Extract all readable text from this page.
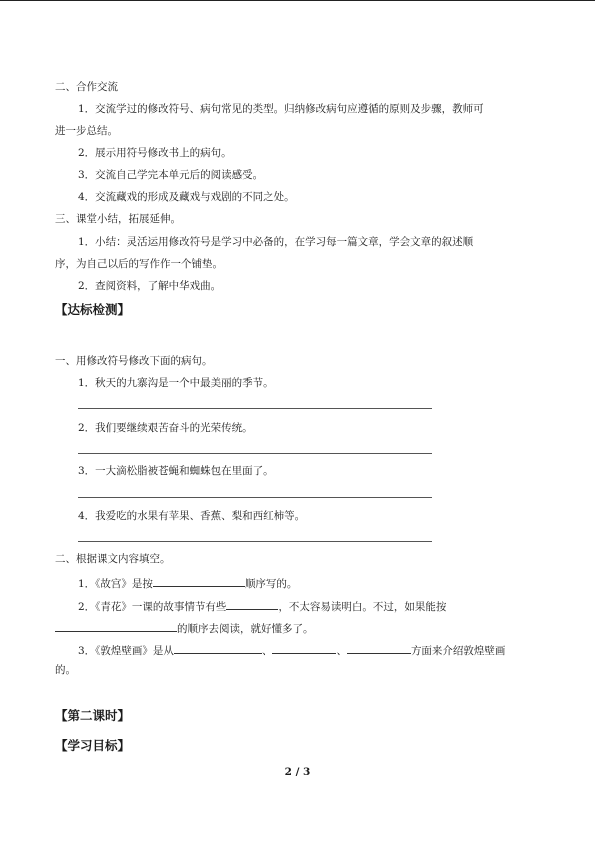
二、合作交流
1．交流学过的修改符号、病句常见的类型。归纳修改病句应遵循的原则及步骤，教师可
进一步总结。
2．展示用符号修改书上的病句。
3．交流自己学完本单元后的阅读感受。
4．交流藏戏的形成及藏戏与戏剧的不同之处。
三、课堂小结，拓展延伸。
1．小结：灵活运用修改符号是学习中必备的，在学习每一篇文章，学会文章的叙述顺
序，为自己以后的写作作一个铺垫。
2．查阅资料，了解中华戏曲。
【达标检测】
一、用修改符号修改下面的病句。
1．秋天的九寨沟是一个中最美丽的季节。
2．我们要继续艰苦奋斗的光荣传统。
3．一大滴松脂被苍蝇和蜘蛛包在里面了。
4．我爱吃的水果有苹果、香蕉、梨和西红柿等。
二、根据课文内容填空。
1．《故宫》是按	顺序写的。
2．《青花》一课的故事情节有些	，不太容易读明白。不过，如果能按
的顺序去阅读，就好懂多了。
3．《敦煌壁画》是从	、	、	方面来介绍敦煌壁画
的。
【第二课时】
【学习目标】
2 / 3
